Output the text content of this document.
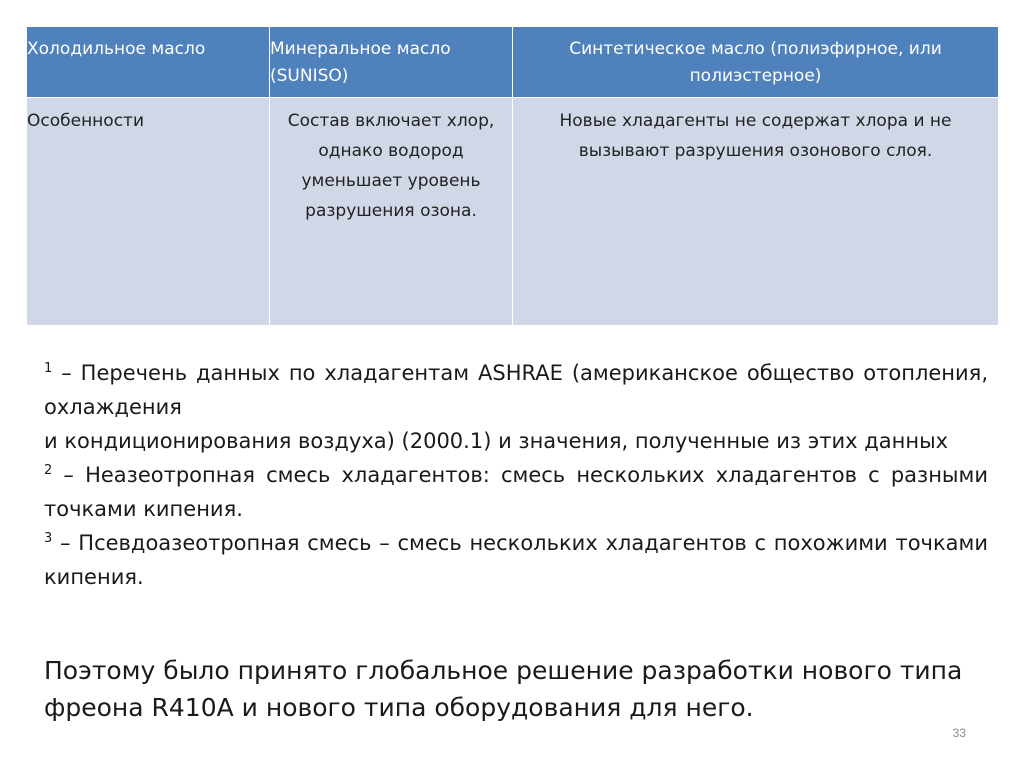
Холодильное масло	Минеральное масло (SUNISO)	Синтетическое масло (полиэфирное, или полиэстерное)
Особенности	Состав включает хлор, однако водород уменьшает уровень разрушения озона.	Новые хладагенты не содержат хлора и не вызывают разрушения озонового слоя.

$^1$ – Перечень данных по хладагентам ASHRAE (американское общество отопления, охлаждения

и кондиционирования воздуха) (2000.1) и значения, полученные из этих данных

$^2$ – Неазеотропная смесь хладагентов: смесь нескольких хладагентов с разными точками кипения.

$^3$ – Псевдоазеотропная смесь – смесь нескольких хладагентов с похожими точками кипения.

Поэтому было принято глобальное решение разработки нового типа фреона R410A и нового типа оборудования для него.

33
